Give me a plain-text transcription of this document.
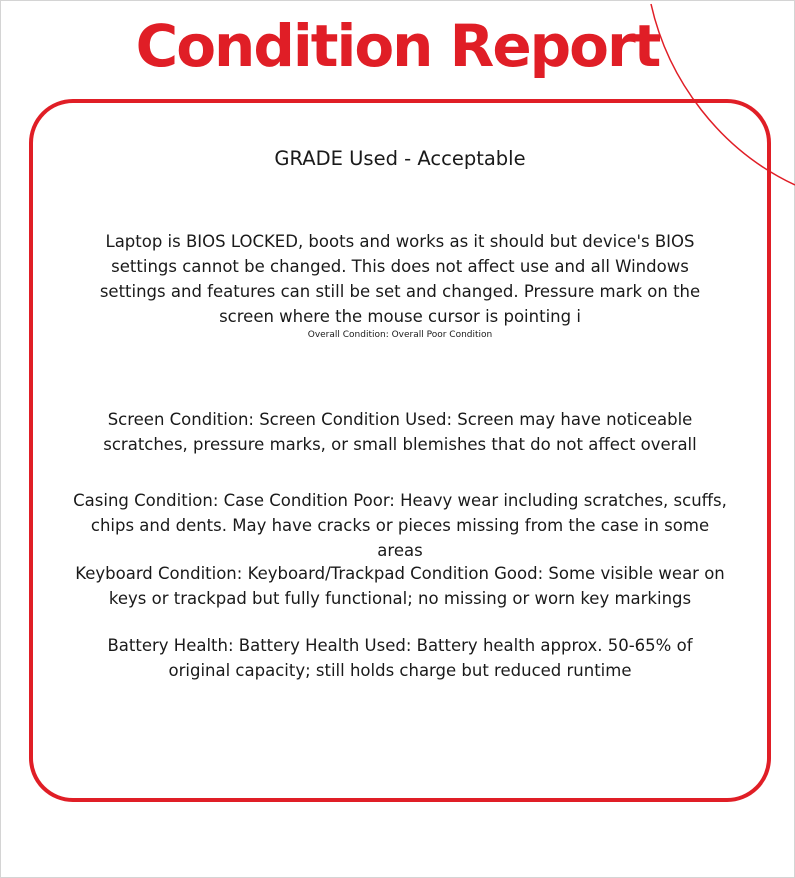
Condition Report

GRADE Used - Acceptable

Laptop is BIOS LOCKED, boots and works as it should but device's BIOS settings cannot be changed. This does not affect use and all Windows settings and features can still be set and changed. Pressure mark on the screen where the mouse cursor is pointing i

Overall Condition: Overall Poor Condition

Screen Condition: Screen Condition Used: Screen may have noticeable scratches, pressure marks, or small blemishes that do not affect overall

Casing Condition: Case Condition Poor: Heavy wear including scratches, scuffs, chips and dents. May have cracks or pieces missing from the case in some areas

Keyboard Condition: Keyboard/Trackpad Condition Good: Some visible wear on keys or trackpad but fully functional; no missing or worn key markings

Battery Health: Battery Health Used: Battery health approx. 50-65% of original capacity; still holds charge but reduced runtime
